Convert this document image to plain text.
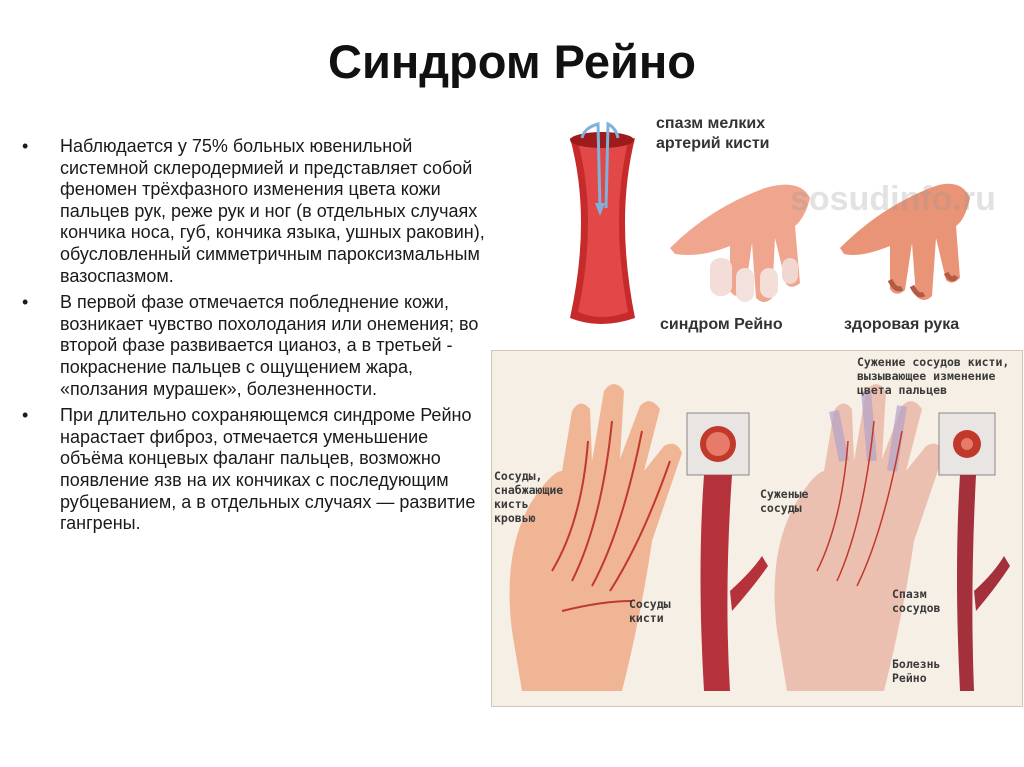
Синдром Рейно
• Наблюдается у 75% больных ювенильной системной склеродермией и представляет собой феномен трёхфазного изменения цвета кожи пальцев рук, реже рук и ног (в отдельных случаях кончика носа, губ, кончика языка, ушных раковин), обусловленный симметричным пароксизмальным вазоспазмом.
• В первой фазе отмечается побледнение кожи, возникает чувство похолодания или онемения; во второй фазе развивается цианоз, а в третьей - покраснение пальцев с ощущением жара, «ползания мурашек», болезненности.
• При длительно сохраняющемся синдроме Рейно нарастает фиброз, отмечается уменьшение объёма концевых фаланг пальцев, возможно появление язв на их кончиках с последующим рубцеванием, а в отдельных случаях — развитие гангрены.
спазм мелких артерий кисти
синдром Рейно	здоровая рука
sosudinfo.ru
Сосуды, снабжающие кисть кровью
Сосуды кисти
Сужение сосудов кисти, вызывающее изменение цвета пальцев
Суженые сосуды
Спазм сосудов
Болезнь Рейно
